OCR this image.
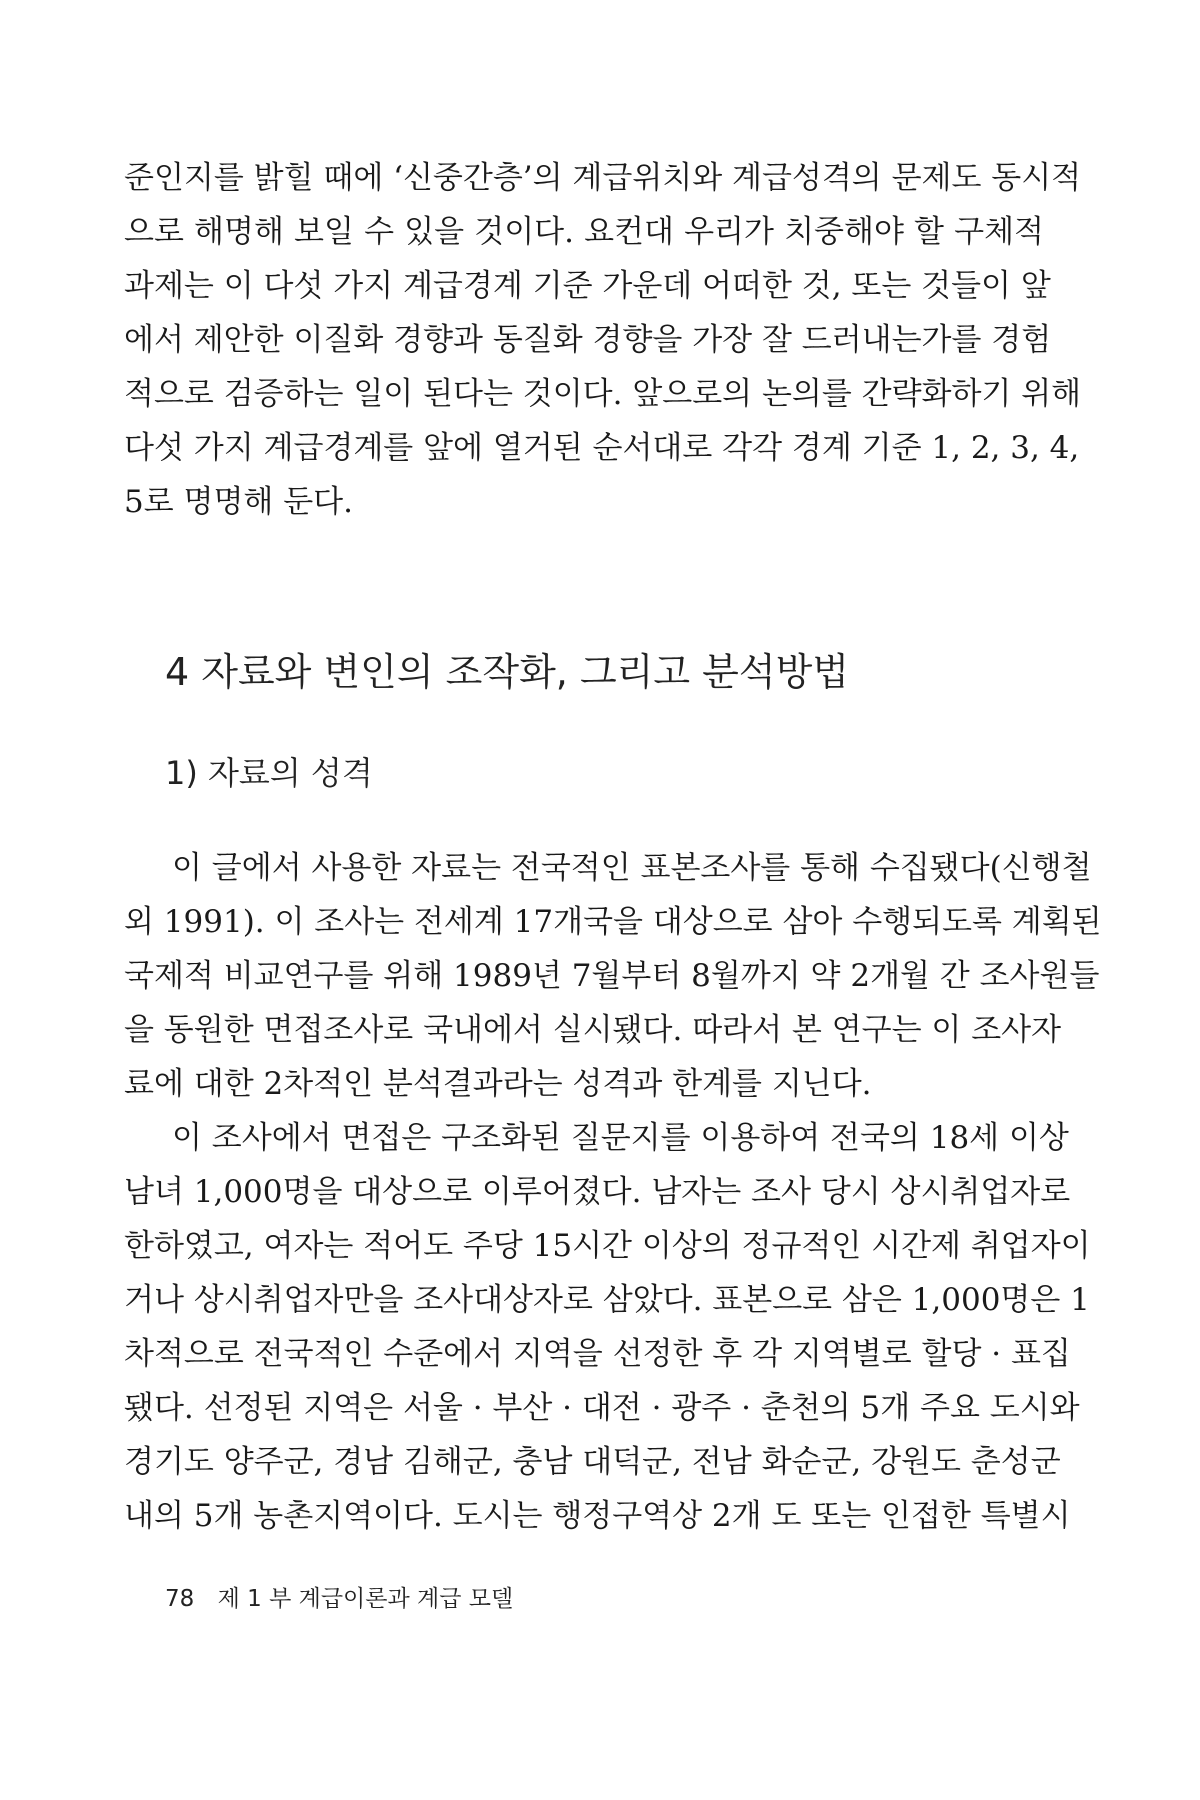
준인지를 밝힐 때에 ‘신중간층’의 계급위치와 계급성격의 문제도 동시적
으로 해명해 보일 수 있을 것이다. 요컨대 우리가 치중해야 할 구체적
과제는 이 다섯 가지 계급경계 기준 가운데 어떠한 것, 또는 것들이 앞
에서 제안한 이질화 경향과 동질화 경향을 가장 잘 드러내는가를 경험
적으로 검증하는 일이 된다는 것이다. 앞으로의 논의를 간략화하기 위해
다섯 가지 계급경계를 앞에 열거된 순서대로 각각 경계 기준 1, 2, 3, 4,
5로 명명해 둔다.
4 자료와 변인의 조작화, 그리고 분석방법
1) 자료의 성격
이 글에서 사용한 자료는 전국적인 표본조사를 통해 수집됐다(신행철
외 1991). 이 조사는 전세계 17개국을 대상으로 삼아 수행되도록 계획된
국제적 비교연구를 위해 1989년 7월부터 8월까지 약 2개월 간 조사원들
을 동원한 면접조사로 국내에서 실시됐다. 따라서 본 연구는 이 조사자
료에 대한 2차적인 분석결과라는 성격과 한계를 지닌다.
이 조사에서 면접은 구조화된 질문지를 이용하여 전국의 18세 이상
남녀 1,000명을 대상으로 이루어졌다. 남자는 조사 당시 상시취업자로
한하였고, 여자는 적어도 주당 15시간 이상의 정규적인 시간제 취업자이
거나 상시취업자만을 조사대상자로 삼았다. 표본으로 삼은 1,000명은 1
차적으로 전국적인 수준에서 지역을 선정한 후 각 지역별로 할당 · 표집
됐다. 선정된 지역은 서울 · 부산 · 대전 · 광주 · 춘천의 5개 주요 도시와
경기도 양주군, 경남 김해군, 충남 대덕군, 전남 화순군, 강원도 춘성군
내의 5개 농촌지역이다. 도시는 행정구역상 2개 도 또는 인접한 특별시
78 제 1 부 계급이론과 계급 모델
